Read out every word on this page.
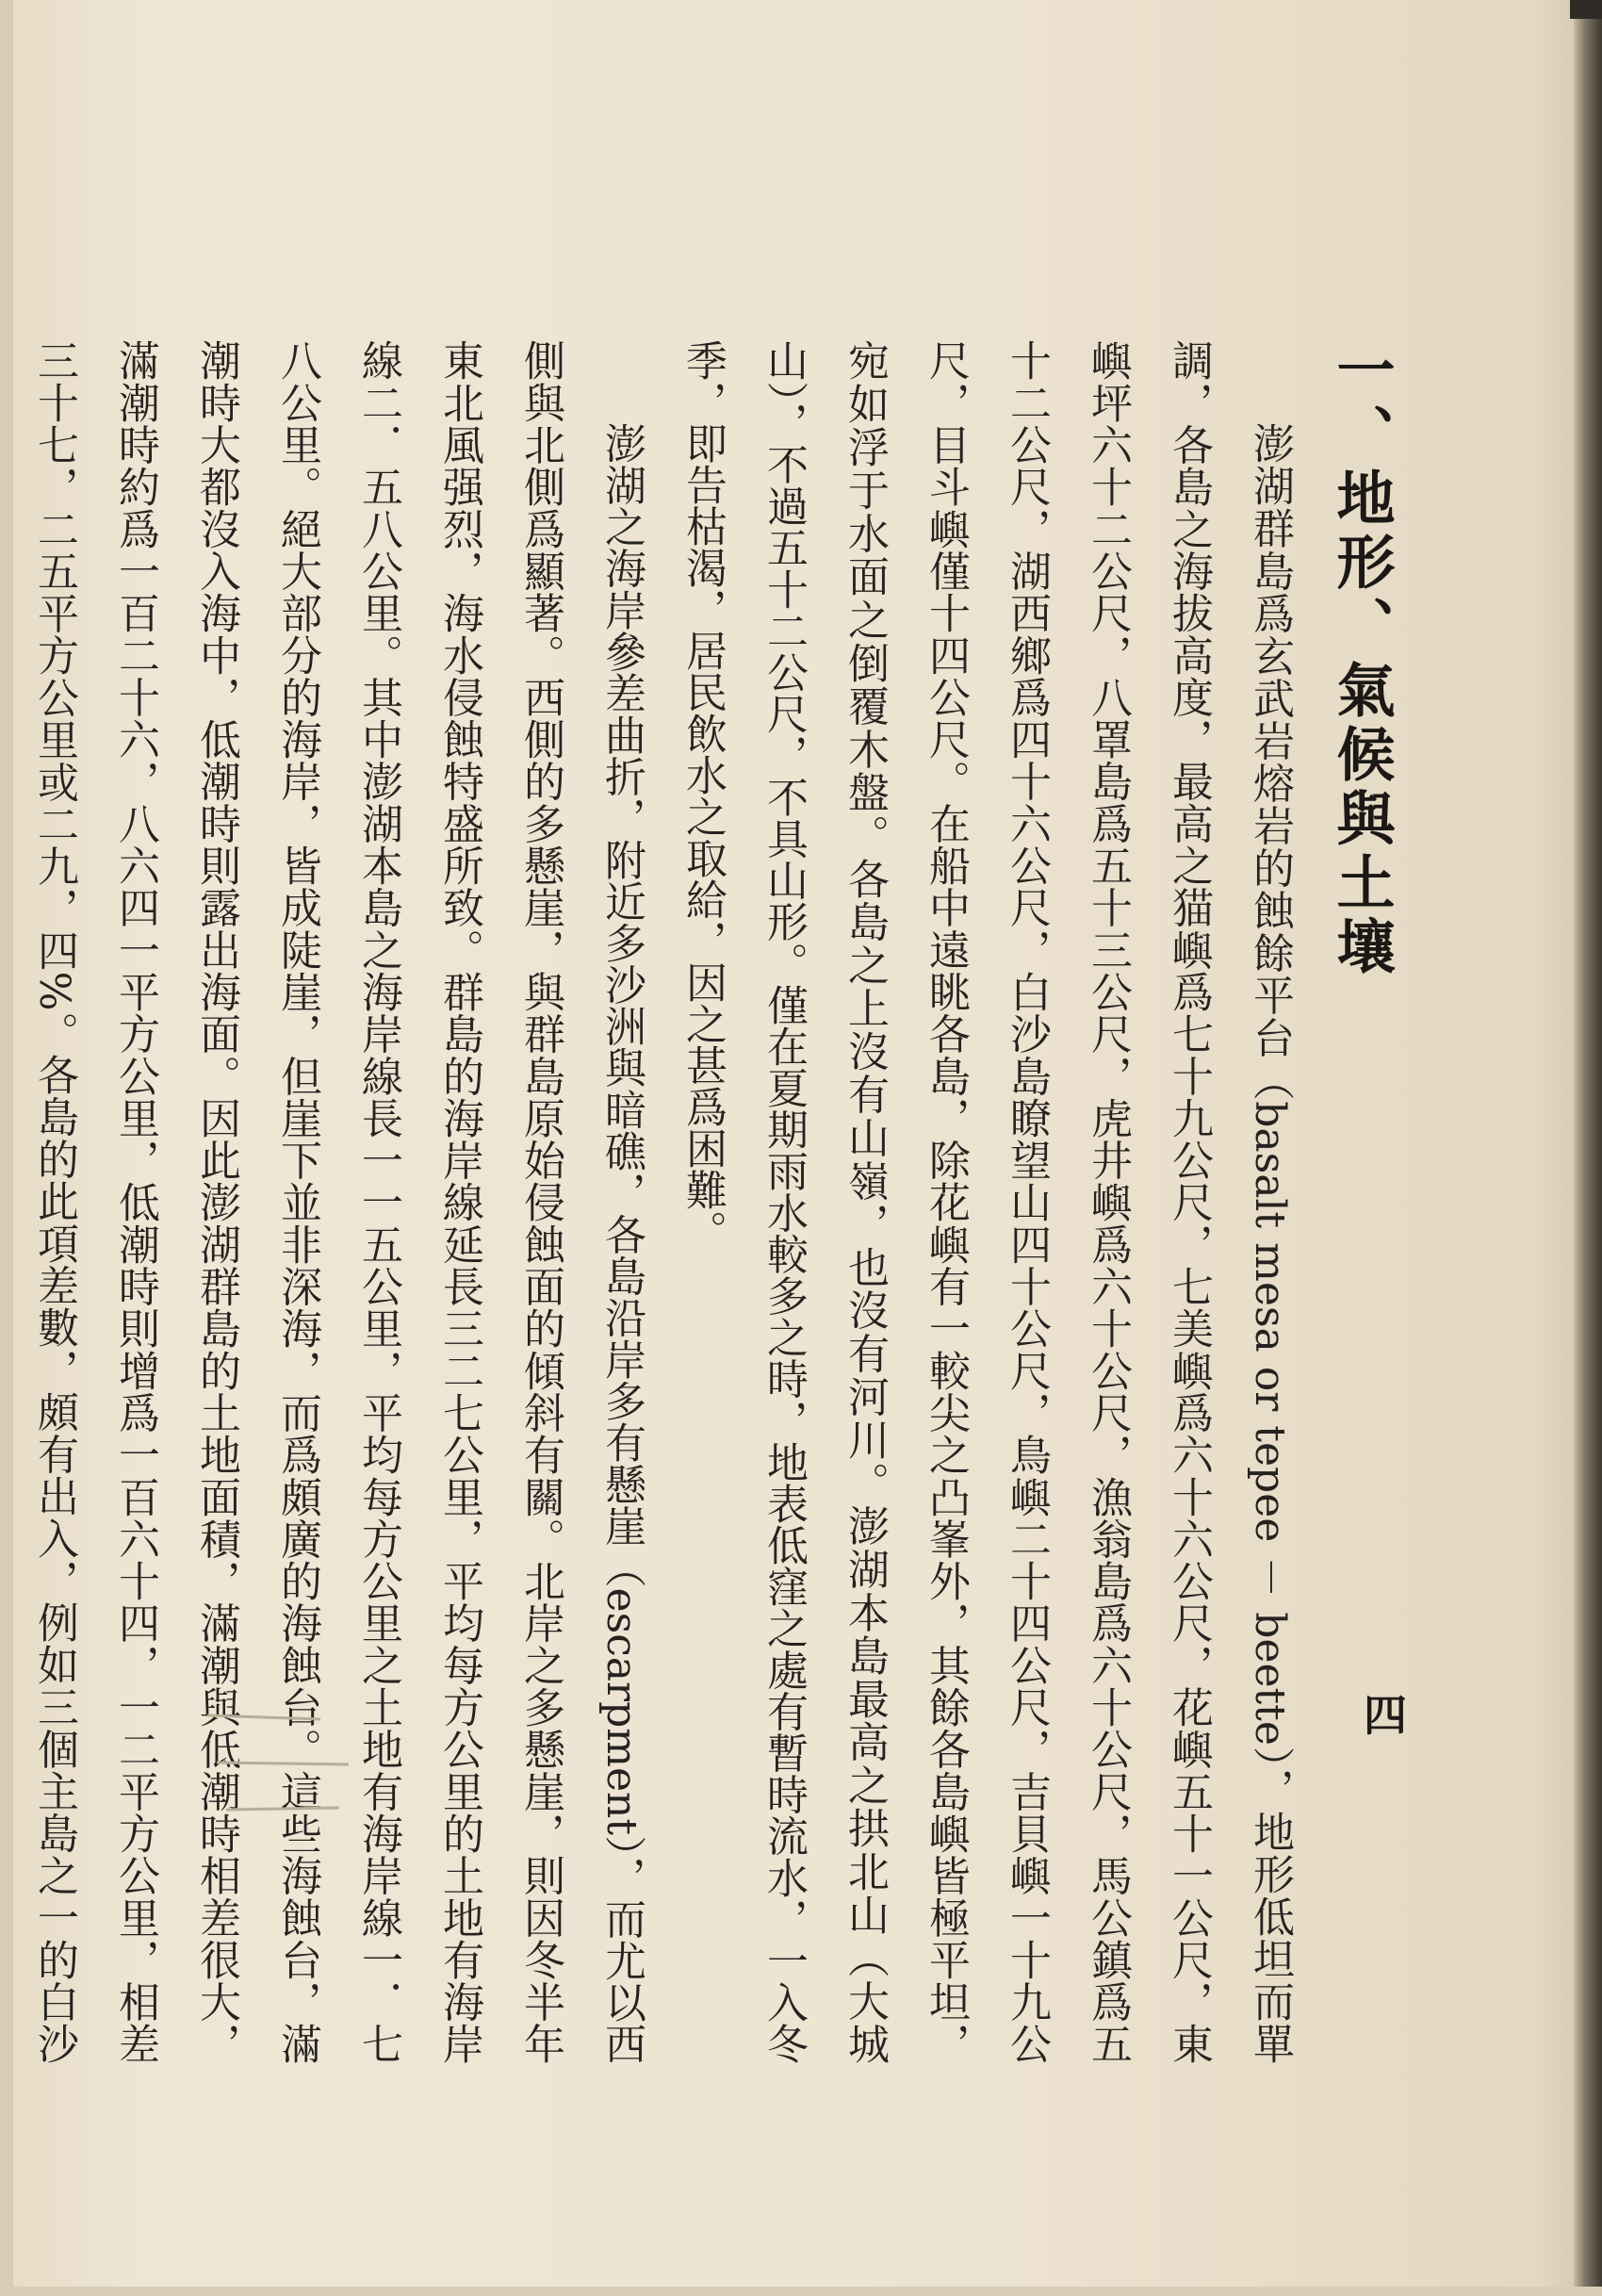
四
一、地形、氣候與土壤

澎湖群島爲玄武岩熔岩的蝕餘平台（basalt mesa or tepee － beette），地形低坦而單調，各島之海拔高度，最高之猫嶼爲七十九公尺，七美嶼爲六十六公尺，花嶼五十一公尺，東嶼坪六十二公尺，八罩島爲五十三公尺，虎井嶼爲六十公尺，漁翁島爲六十公尺，馬公鎮爲五十二公尺，湖西鄉爲四十六公尺，白沙島瞭望山四十公尺，鳥嶼二十四公尺，吉貝嶼一十九公尺，目斗嶼僅十四公尺。在船中遠眺各島，除花嶼有一較尖之凸峯外，其餘各島嶼皆極平坦，宛如浮于水面之倒覆木盤。各島之上沒有山嶺，也沒有河川。澎湖本島最高之拱北山（大城山），不過五十二公尺，不具山形。僅在夏期雨水較多之時，地表低窪之處有暫時流水，一入冬季，即告枯渴，居民飲水之取給，因之甚爲困難。

澎湖之海岸參差曲折，附近多沙洲與暗礁，各島沿岸多有懸崖（escarpment），而尤以西側與北側爲顯著。西側的多懸崖，與群島原始侵蝕面的傾斜有關。北岸之多懸崖，則因冬半年東北風强烈，海水侵蝕特盛所致。群島的海岸線延長三二七公里，平均每方公里的土地有海岸線二．五八公里。其中澎湖本島之海岸線長一一五公里，平均每方公里之土地有海岸線一．七八公里。絕大部分的海岸，皆成陡崖，但崖下並非深海，而爲頗廣的海蝕台。這些海蝕台，滿潮時大都沒入海中，低潮時則露出海面。因此澎湖群島的土地面積，滿潮與低潮時相差很大，滿潮時約爲一百二十六，八六四一平方公里，低潮時則增爲一百六十四，一二平方公里，相差三十七，二五平方公里或二九，四%。各島的此項差數，頗有出入，例如三個主島之一的白沙
